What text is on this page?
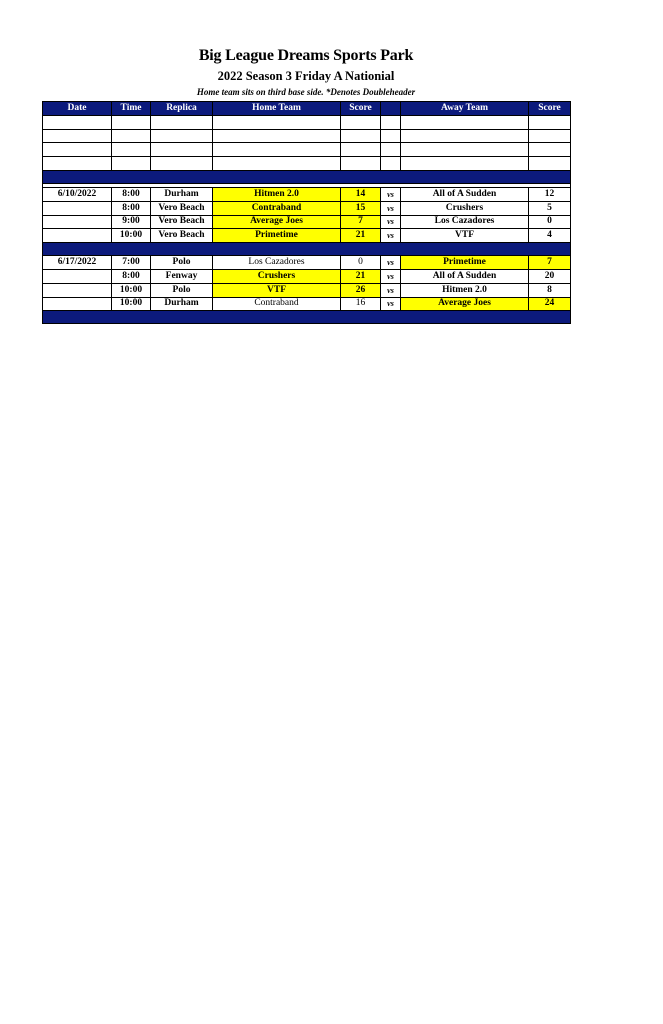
Big League Dreams Sports Park
2022 Season 3 Friday A Nationial
Home team sits on third base side. *Denotes Doubleheader
Date	Time	Replica	Home Team	Score		Away Team	Score

6/10/2022	8:00	Durham	Hitmen 2.0	14	vs	All of A Sudden	12
	8:00	Vero Beach	Contraband	15	vs	Crushers	5
	9:00	Vero Beach	Average Joes	7	vs	Los Cazadores	0
	10:00	Vero Beach	Primetime	21	vs	VTF	4

6/17/2022	7:00	Polo	Los Cazadores	0	vs	Primetime	7
	8:00	Fenway	Crushers	21	vs	All of A Sudden	20
	10:00	Polo	VTF	26	vs	Hitmen 2.0	8
	10:00	Durham	Contraband	16	vs	Average Joes	24
